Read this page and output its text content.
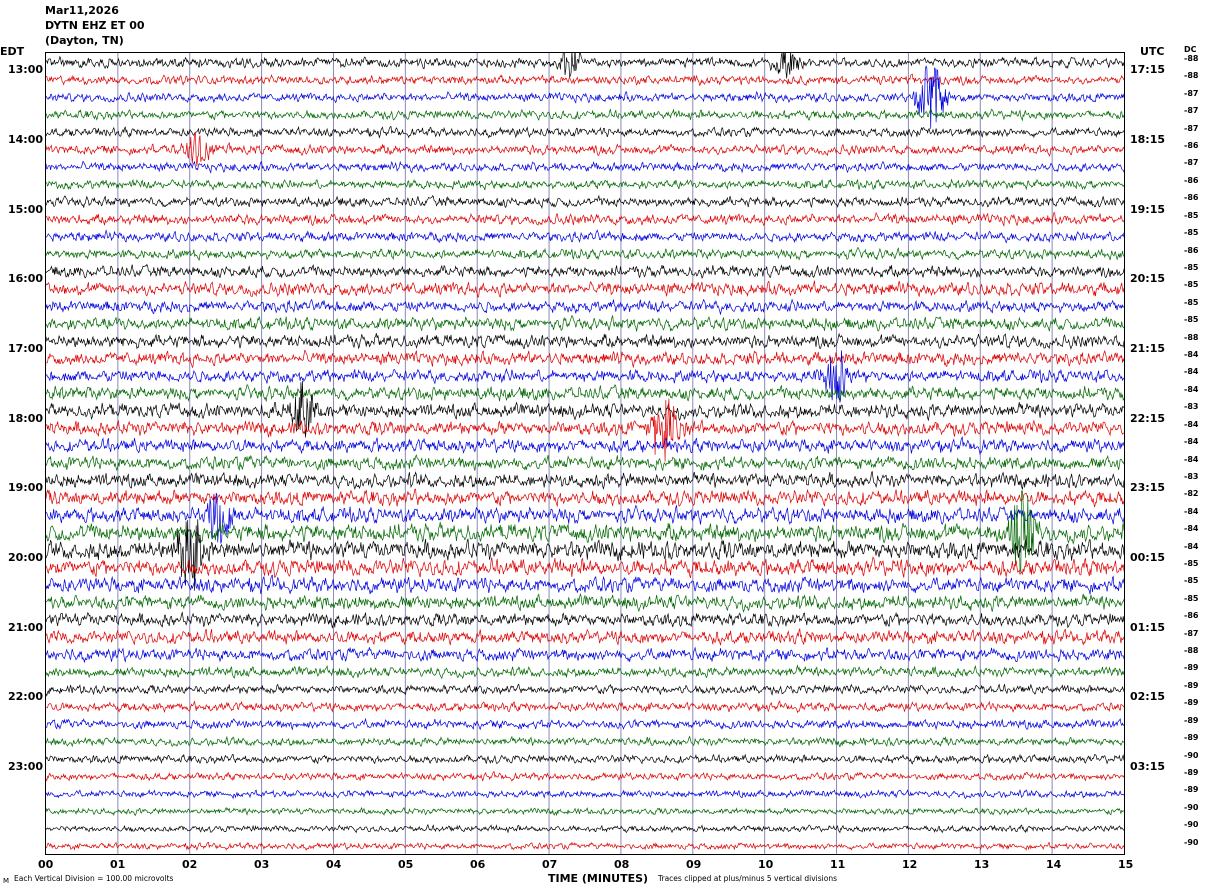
Mar11,2026
DYTN EHZ ET 00
(Dayton, TN)
EDT	UTC DC
13:00
14:00
15:00
16:00
17:00
18:00
19:00
20:00
21:00
22:00
23:00
17:15
18:15
19:15
20:15
21:15
22:15
23:15
00:15
01:15
02:15
03:15
-88
-88
-87
-87
-87
-86
-87
-86
-86
-85
-85
-86
-85
-85
-85
-85
-88
-84
-84
-84
-83
-84
-84
-84
-83
-82
-84
-84
-84
-85
-85
-85
-86
-87
-88
-89
-89
-89
-89
-89
-90
-89
-89
-90
-90
-90
00	01	02	03	04	05	06	07	08	09	10	11	12	13	14	15
TIME (MINUTES)
Each Vertical Division = 100.00 microvolts	Traces clipped at plus/minus 5 vertical divisions
M
